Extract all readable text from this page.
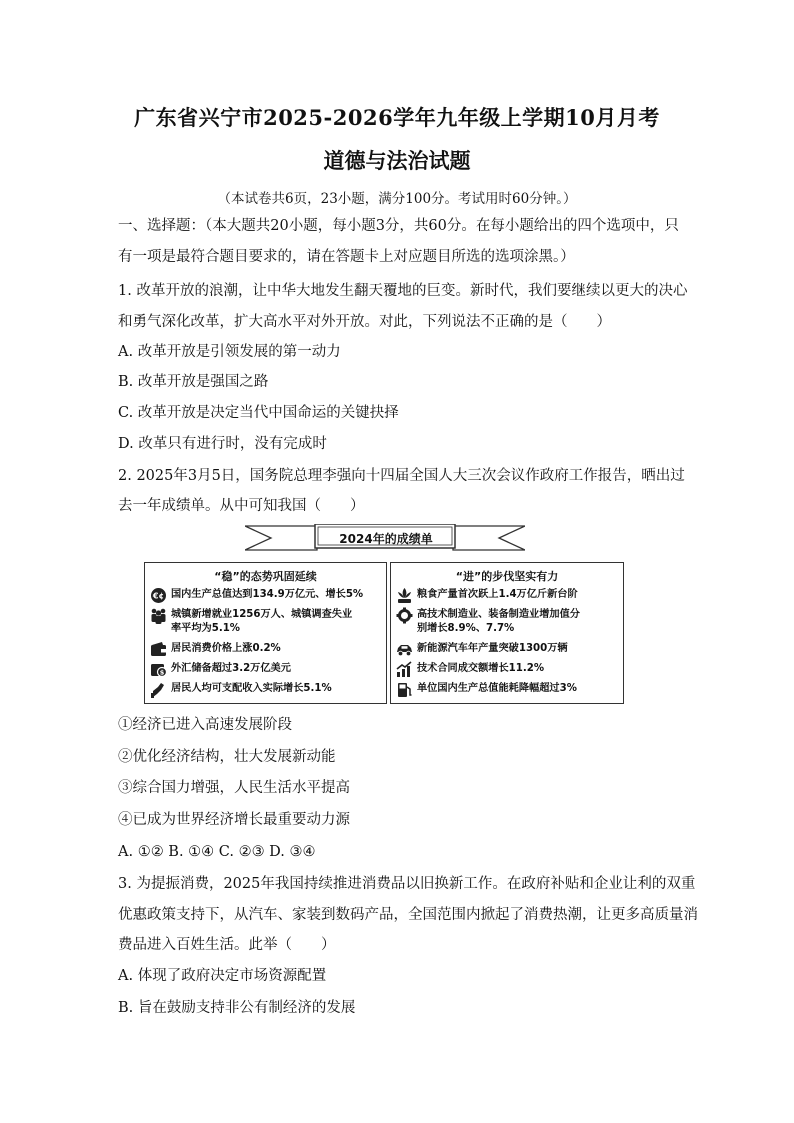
广东省兴宁市2025-2026学年九年级上学期10月月考
道德与法治试题
（本试卷共6页，23小题，满分100分。考试用时60分钟。）
一、选择题：（本大题共20小题，每小题3分，共60分。在每小题给出的四个选项中，只
有一项是最符合题目要求的，请在答题卡上对应题目所选的选项涂黑。）
1. 改革开放的浪潮，让中华大地发生翻天覆地的巨变。新时代，我们要继续以更大的决心
和勇气深化改革，扩大高水平对外开放。对此，下列说法不正确的是（　　）
A. 改革开放是引领发展的第一动力
B. 改革开放是强国之路
C. 改革开放是决定当代中国命运的关键抉择
D. 改革只有进行时，没有完成时
2. 2025年3月5日，国务院总理李强向十四届全国人大三次会议作政府工作报告，晒出过
去一年成绩单。从中可知我国（　　）
2024年的成绩单
“稳”的态势巩固延续
€¢ 国内生产总值达到134.9万亿元、增长5%
城镇新增就业1256万人、城镇调查失业
率平均为5.1%
居民消费价格上涨0.2%
$ 外汇储备超过3.2万亿美元
居民人均可支配收入实际增长5.1%
“进”的步伐坚实有力
粮食产量首次跃上1.4万亿斤新台阶
高技术制造业、装备制造业增加值分
别增长8.9%、7.7%
新能源汽车年产量突破1300万辆
技术合同成交额增长11.2%
单位国内生产总值能耗降幅超过3%
①经济已进入高速发展阶段
②优化经济结构，壮大发展新动能
③综合国力增强，人民生活水平提高
④已成为世界经济增长最重要动力源
A. ①② B. ①④ C. ②③ D. ③④
3. 为提振消费，2025年我国持续推进消费品以旧换新工作。在政府补贴和企业让利的双重
优惠政策支持下，从汽车、家装到数码产品，全国范围内掀起了消费热潮，让更多高质量消
费品进入百姓生活。此举（　　）
A. 体现了政府决定市场资源配置
B. 旨在鼓励支持非公有制经济的发展
